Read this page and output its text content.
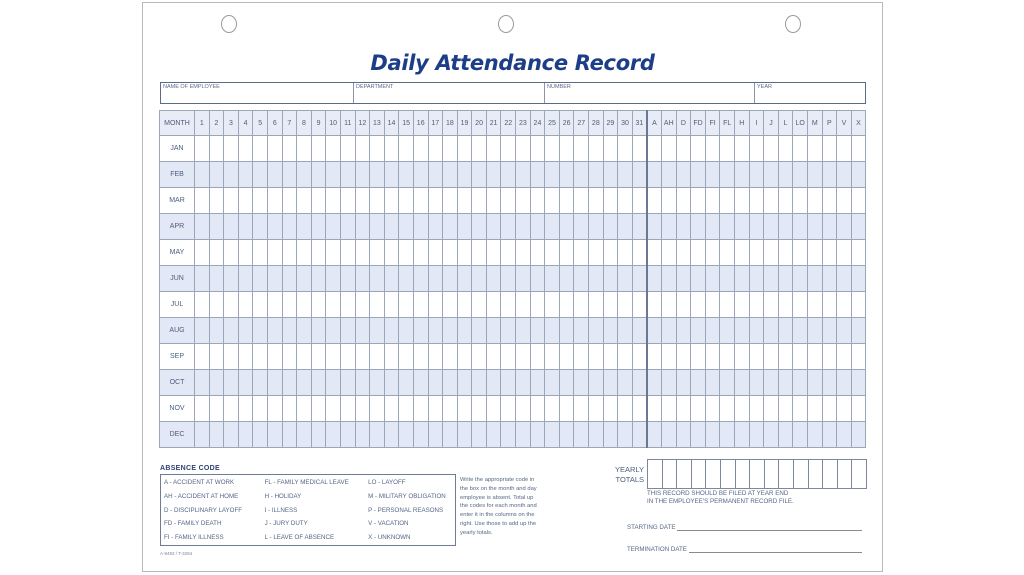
Daily Attendance Record
NAME OF EMPLOYEE	DEPARTMENT	NUMBER	YEAR
MONTH	1	2	3	4	5	6	7	8	9	10	11	12	13	14	15	16	17	18	19	20	21	22	23	24	25	26	27	28	29	30	31	A	AH	D	FD	FI	FL	H	I	J	L	LO	M	P	V	X
JAN																																														
FEB																																														
MAR																																														
APR																																														
MAY																																														
JUN																																														
JUL																																														
AUG																																														
SEP																																														
OCT																																														
NOV																																														
DEC																																														
YEARLY
TOTALS

ABSENCE CODE
A - ACCIDENT AT WORK
AH - ACCIDENT AT HOME
D - DISCIPLINARY LAYOFF
FD - FAMILY DEATH
FI - FAMILY ILLNESS
FL - FAMILY MEDICAL LEAVE
H - HOLIDAY
I - ILLNESS
J - JURY DUTY
L - LEAVE OF ABSENCE
LO - LAYOFF
M - MILITARY OBLIGATION
P - PERSONAL REASONS
V - VACATION
X - UNKNOWN
Write the appropriate code in the box on the month and day employee is absent. Total up the codes for each month and enter it in the columns on the right. Use those to add up the yearly totals.
THIS RECORD SHOULD BE FILED AT YEAR END
IN THE EMPLOYEE'S PERMANENT RECORD FILE.
STARTING DATE
TERMINATION DATE
A-9493 / T-3284
